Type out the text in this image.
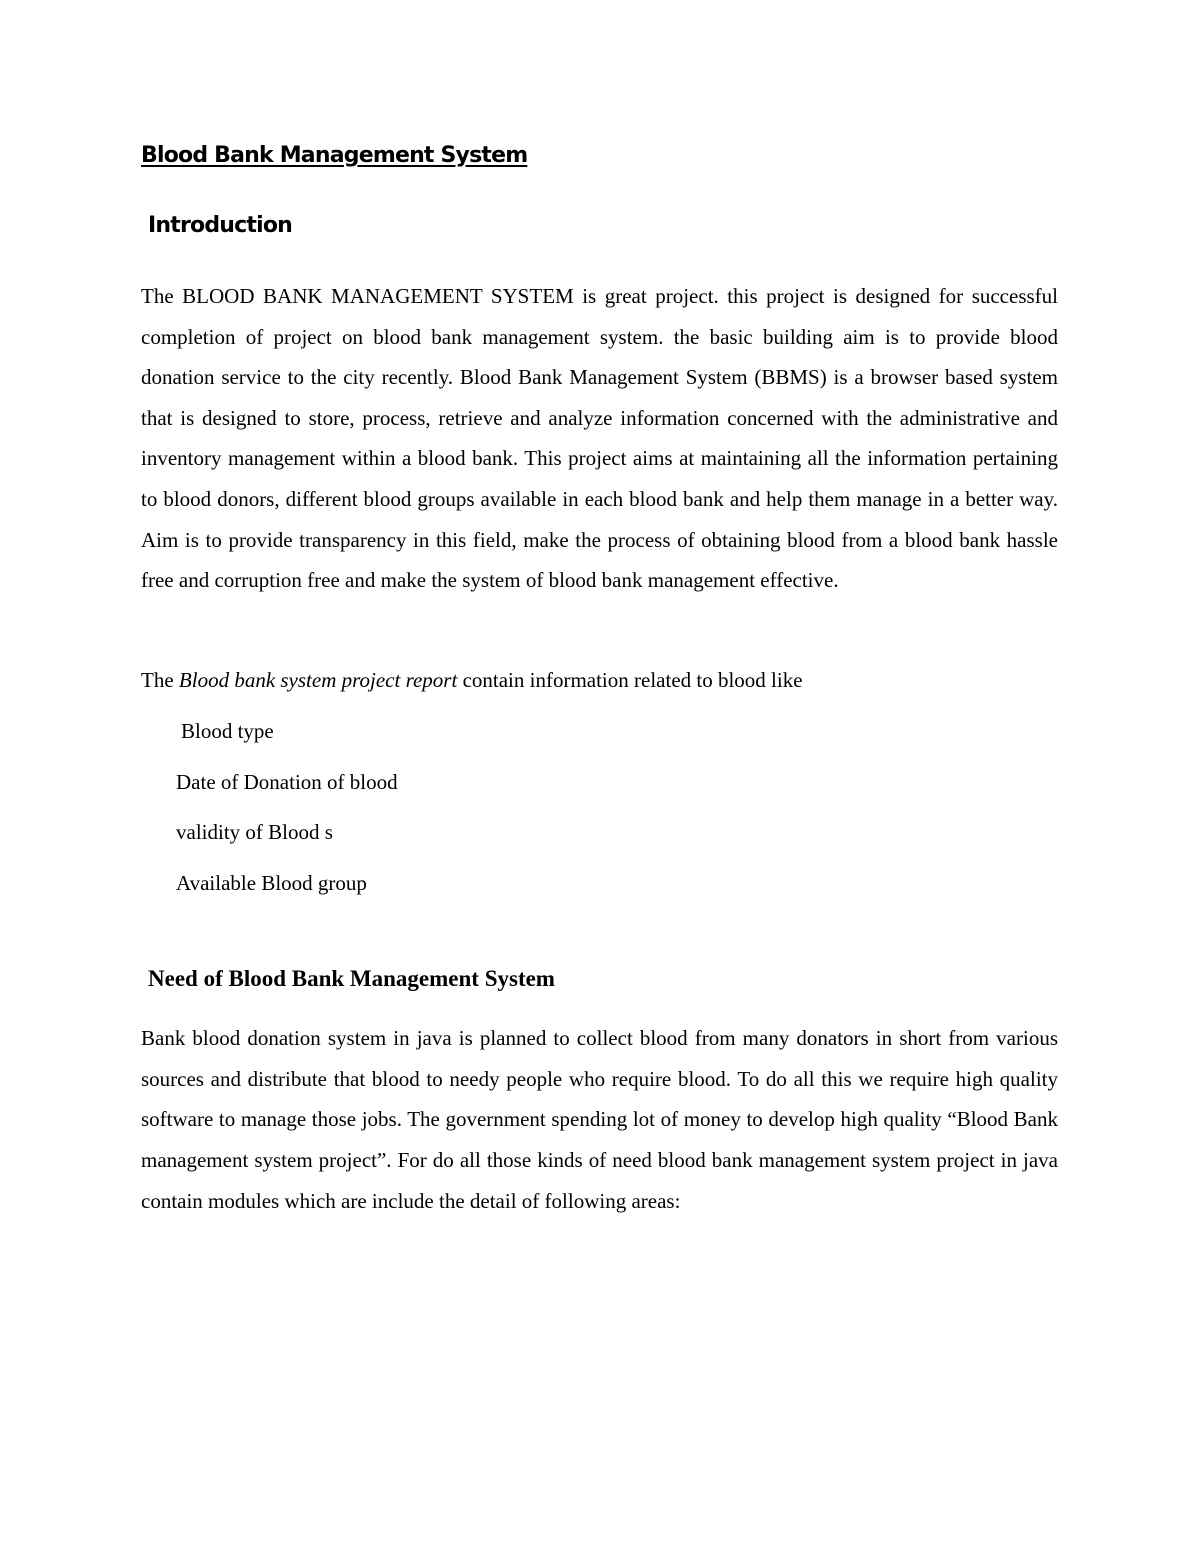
Blood Bank Management System
Introduction

The BLOOD BANK MANAGEMENT SYSTEM is great project. this project is designed for successful completion of project on blood bank management system. the basic building aim is to provide blood donation service to the city recently. Blood Bank Management System (BBMS) is a browser based system that is designed to store, process, retrieve and analyze information concerned with the administrative and inventory management within a blood bank. This project aims at maintaining all the information pertaining to blood donors, different blood groups available in each blood bank and help them manage in a better way. Aim is to provide transparency in this field, make the process of obtaining blood from a blood bank hassle free and corruption free and make the system of blood bank management effective.

The Blood bank system project report contain information related to blood like

Blood type
Date of Donation of blood
validity of Blood s
Available Blood group
Need of Blood Bank Management System

Bank blood donation system in java is planned to collect blood from many donators in short from various sources and distribute that blood to needy people who require blood. To do all this we require high quality software to manage those jobs. The government spending lot of money to develop high quality “Blood Bank management system project”. For do all those kinds of need blood bank management system project in java contain modules which are include the detail of following areas:
